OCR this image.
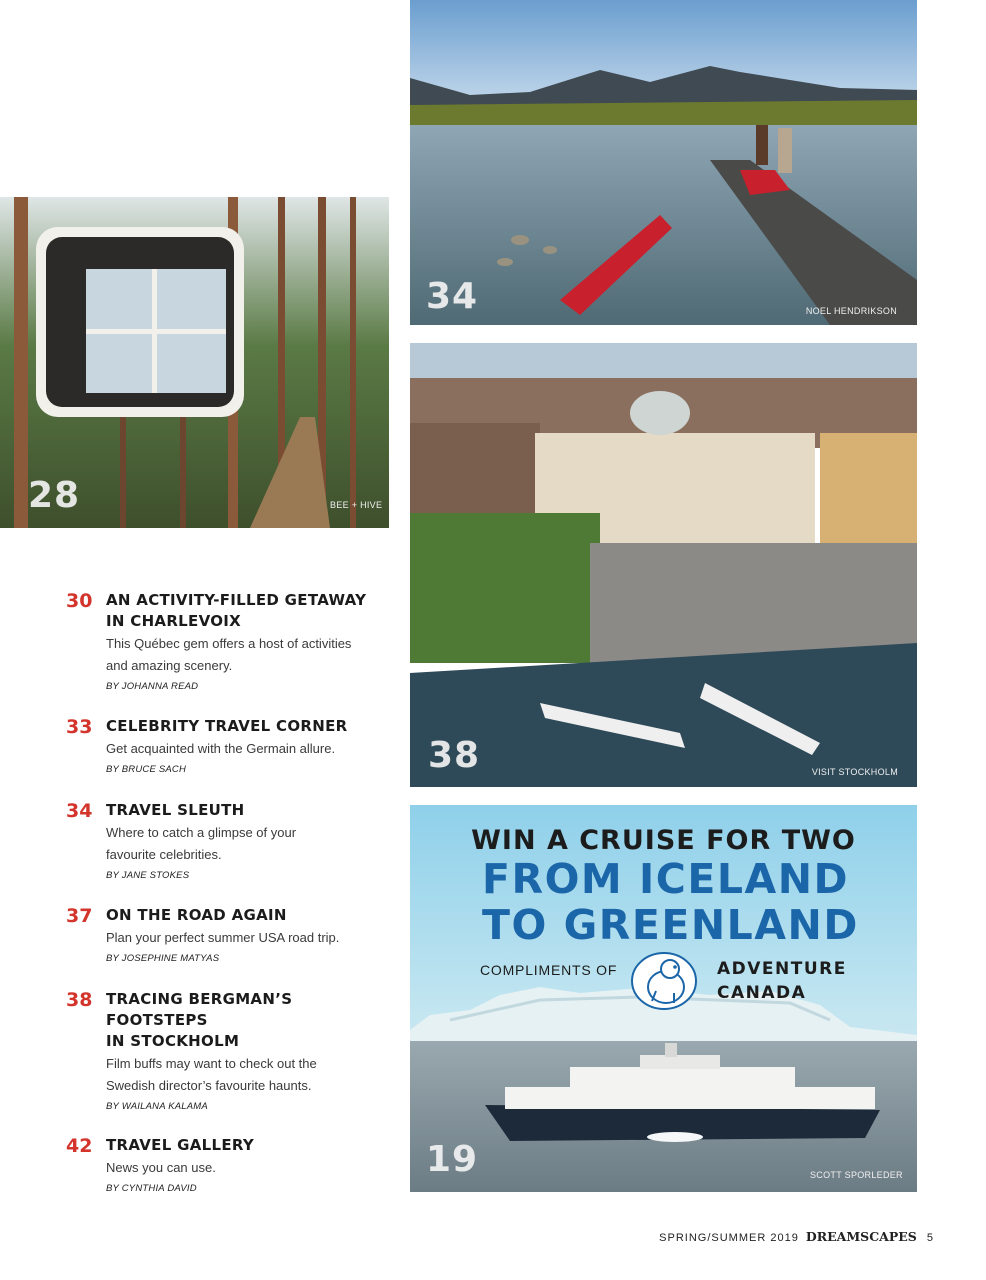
34	NOEL HENDRIKSON
28	BEE + HIVE
38	VISIT STOCKHOLM
30 AN ACTIVITY-FILLED GETAWAY
IN CHARLEVOIX
This Québec gem offers a host of activities
and amazing scenery.
BY JOHANNA READ
33 CELEBRITY TRAVEL CORNER
Get acquainted with the Germain allure.
BY BRUCE SACH
34 TRAVEL SLEUTH
Where to catch a glimpse of your
favourite celebrities.
BY JANE STOKES
37 ON THE ROAD AGAIN
Plan your perfect summer USA road trip.
BY JOSEPHINE MATYAS
38 TRACING BERGMAN’S FOOTSTEPS
IN STOCKHOLM
Film buffs may want to check out the
Swedish director’s favourite haunts.
BY WAILANA KALAMA
42 TRAVEL GALLERY
News you can use.
BY CYNTHIA DAVID
WIN A CRUISE FOR TWO
FROM ICELAND
TO GREENLAND
COMPLIMENTS OF	ADVENTURE
CANADA
19	SCOTT SPORLEDER
SPRING/SUMMER 2019 DREAMSCAPES 5
